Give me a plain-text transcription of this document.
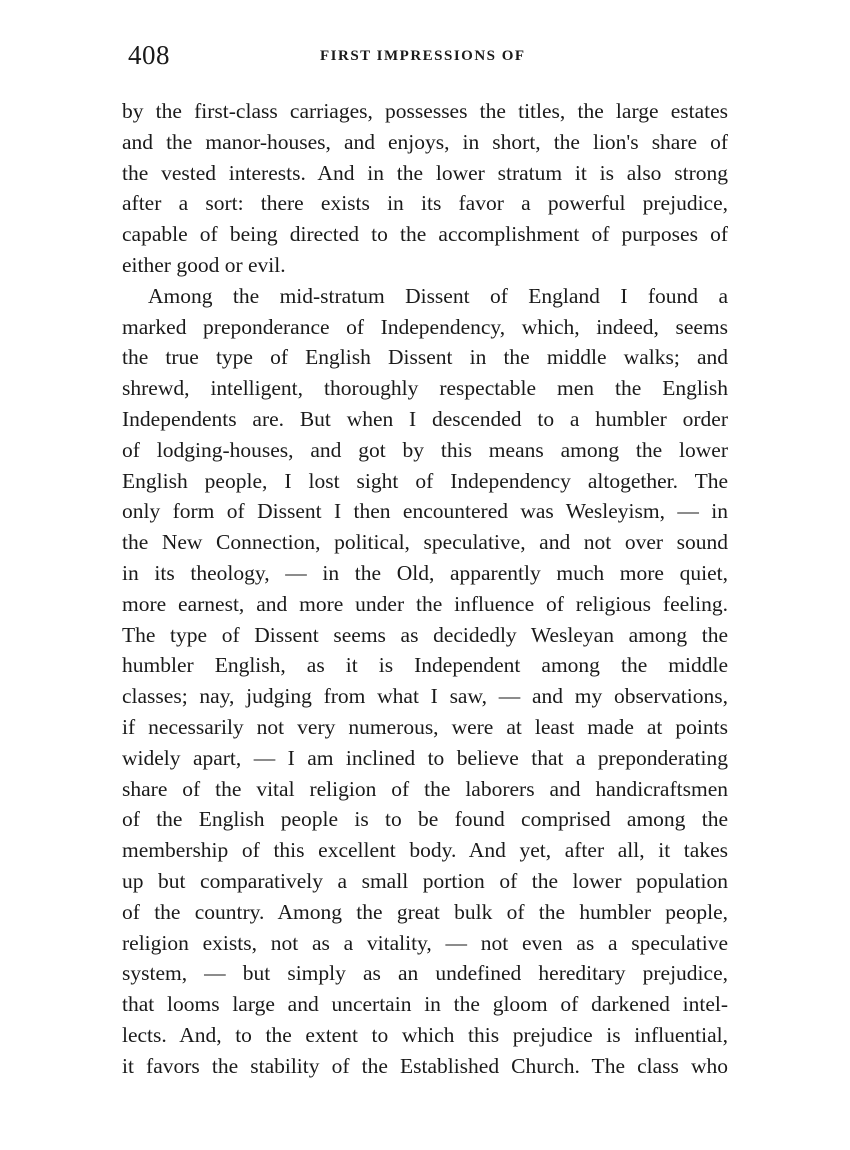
408	FIRST IMPRESSIONS OF
by the first-class carriages, possesses the titles, the large estates
and the manor-houses, and enjoys, in short, the lion's share of
the vested interests. And in the lower stratum it is also strong
after a sort: there exists in its favor a powerful prejudice,
capable of being directed to the accomplishment of purposes of
either good or evil.
Among the mid-stratum Dissent of England I found a
marked preponderance of Independency, which, indeed, seems
the true type of English Dissent in the middle walks; and
shrewd, intelligent, thoroughly respectable men the English
Independents are. But when I descended to a humbler order
of lodging-houses, and got by this means among the lower
English people, I lost sight of Independency altogether. The
only form of Dissent I then encountered was Wesleyism, — in
the New Connection, political, speculative, and not over sound
in its theology, — in the Old, apparently much more quiet,
more earnest, and more under the influence of religious feeling.
The type of Dissent seems as decidedly Wesleyan among the
humbler English, as it is Independent among the middle
classes; nay, judging from what I saw, — and my observations,
if necessarily not very numerous, were at least made at points
widely apart, — I am inclined to believe that a preponderating
share of the vital religion of the laborers and handicraftsmen
of the English people is to be found comprised among the
membership of this excellent body. And yet, after all, it takes
up but comparatively a small portion of the lower population
of the country. Among the great bulk of the humbler people,
religion exists, not as a vitality, — not even as a speculative
system, — but simply as an undefined hereditary prejudice,
that looms large and uncertain in the gloom of darkened intel-
lects. And, to the extent to which this prejudice is influential,
it favors the stability of the Established Church. The class who
